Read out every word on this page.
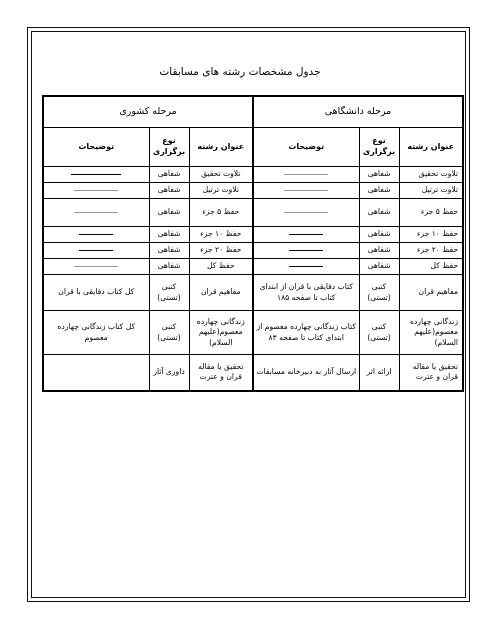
جدول مشخصات رشته های مسابقات
مرحله دانشگاهی			مرحله کشوری		
عنوان رشته	نوع برگزاری	توضیحات	عنوان رشته	نوع برگزاری	توضیحات
تلاوت تحقیق	شفاهی		تلاوت تحقیق	شفاهی	
تلاوت ترتیل	شفاهی		تلاوت ترتیل	شفاهی	
حفظ ۵ جزء	شفاهی		حفظ ۵ جزء	شفاهی	
حفظ ۱۰ جزء	شفاهی		حفظ ۱۰ جزء	شفاهی	
حفظ ۲۰ جزء	شفاهی		حفظ ۲۰ جزء	شفاهی	
حفظ کل	شفاهی		حفظ کل	شفاهی	
مفاهیم قران	کتبی (تستی)	کتاب دقایقی با قران از ابتدای کتاب تا صفحه ۱۸۵	مفاهیم قران	کتبی (تستی)	کل کتاب دقایقی با قران
زندگانی چهارده معصوم(علیهم السلام)	کتبی (تستی)	کتاب زندگانی چهارده معصوم از ابتدای کتاب تا صفحه ۸۳	زندگانی چهارده معصوم(علیهم السلام)	کتبی (تستی)	کل کتاب زندگانی چهارده معصوم
تحقیق یا مقاله قران و عترت	ارائه اثر	ارسال آثار به دبیرخانه مسابقات	تحقیق یا مقاله قران و عترت	داوری آثار	
